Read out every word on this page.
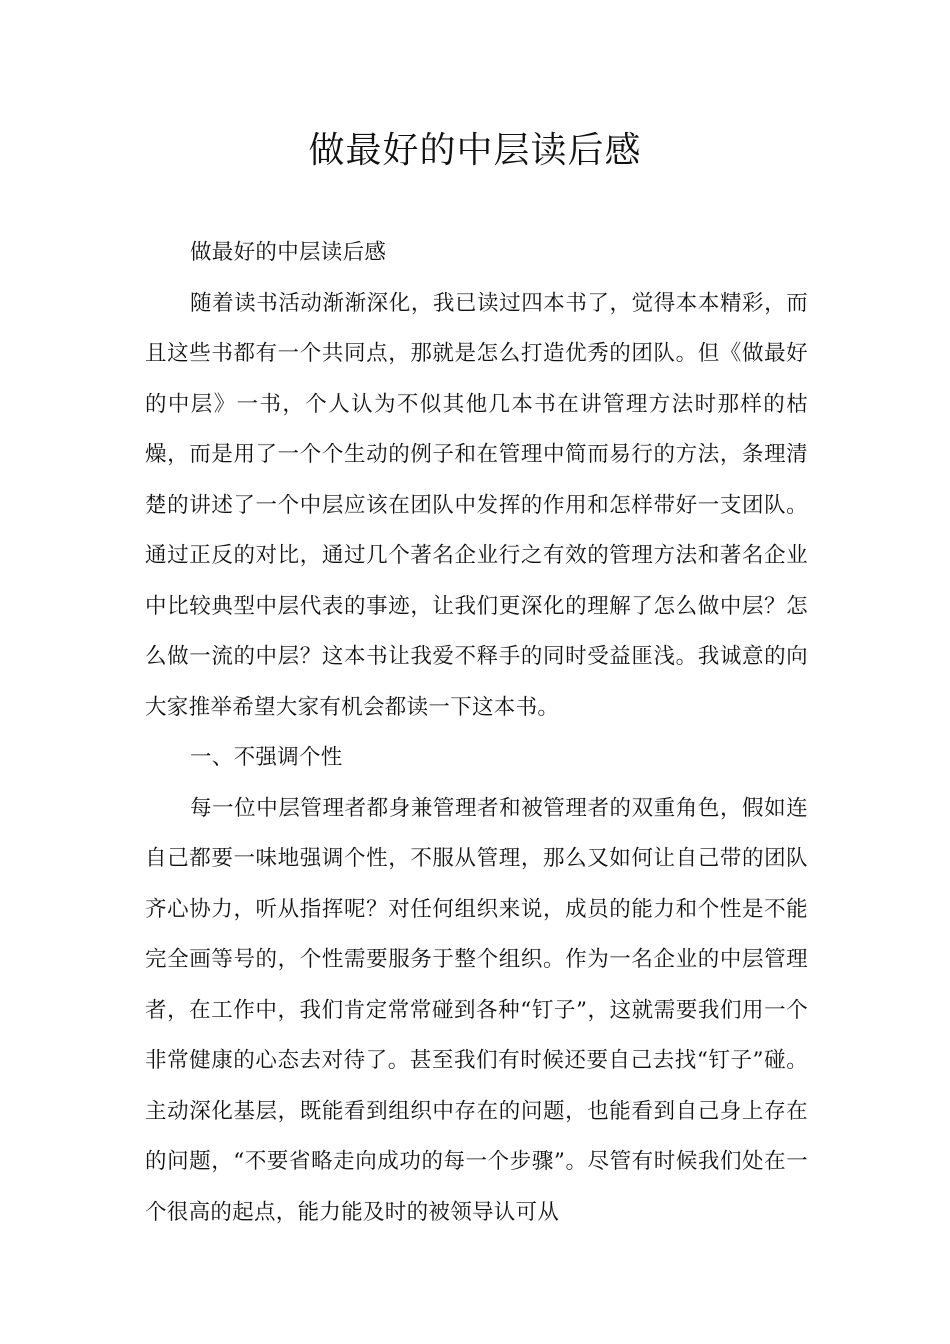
做最好的中层读后感

做最好的中层读后感

随着读书活动渐渐深化，我已读过四本书了，觉得本本精彩，而且这些书都有一个共同点，那就是怎么打造优秀的团队。但《做最好的中层》一书，个人认为不似其他几本书在讲管理方法时那样的枯燥，而是用了一个个生动的例子和在管理中简而易行的方法，条理清楚的讲述了一个中层应该在团队中发挥的作用和怎样带好一支团队。通过正反的对比，通过几个著名企业行之有效的管理方法和著名企业中比较典型中层代表的事迹，让我们更深化的理解了怎么做中层？怎么做一流的中层？这本书让我爱不释手的同时受益匪浅。我诚意的向大家推举希望大家有机会都读一下这本书。

一、不强调个性

每一位中层管理者都身兼管理者和被管理者的双重角色，假如连自己都要一味地强调个性，不服从管理，那么又如何让自己带的团队齐心协力，听从指挥呢？对任何组织来说，成员的能力和个性是不能完全画等号的，个性需要服务于整个组织。作为一名企业的中层管理者，在工作中，我们肯定常常碰到各种“钉子”，这就需要我们用一个非常健康的心态去对待了。甚至我们有时候还要自己去找“钉子”碰。主动深化基层，既能看到组织中存在的问题，也能看到自己身上存在的问题，“不要省略走向成功的每一个步骤”。尽管有时候我们处在一个很高的起点，能力能及时的被领导认可从
